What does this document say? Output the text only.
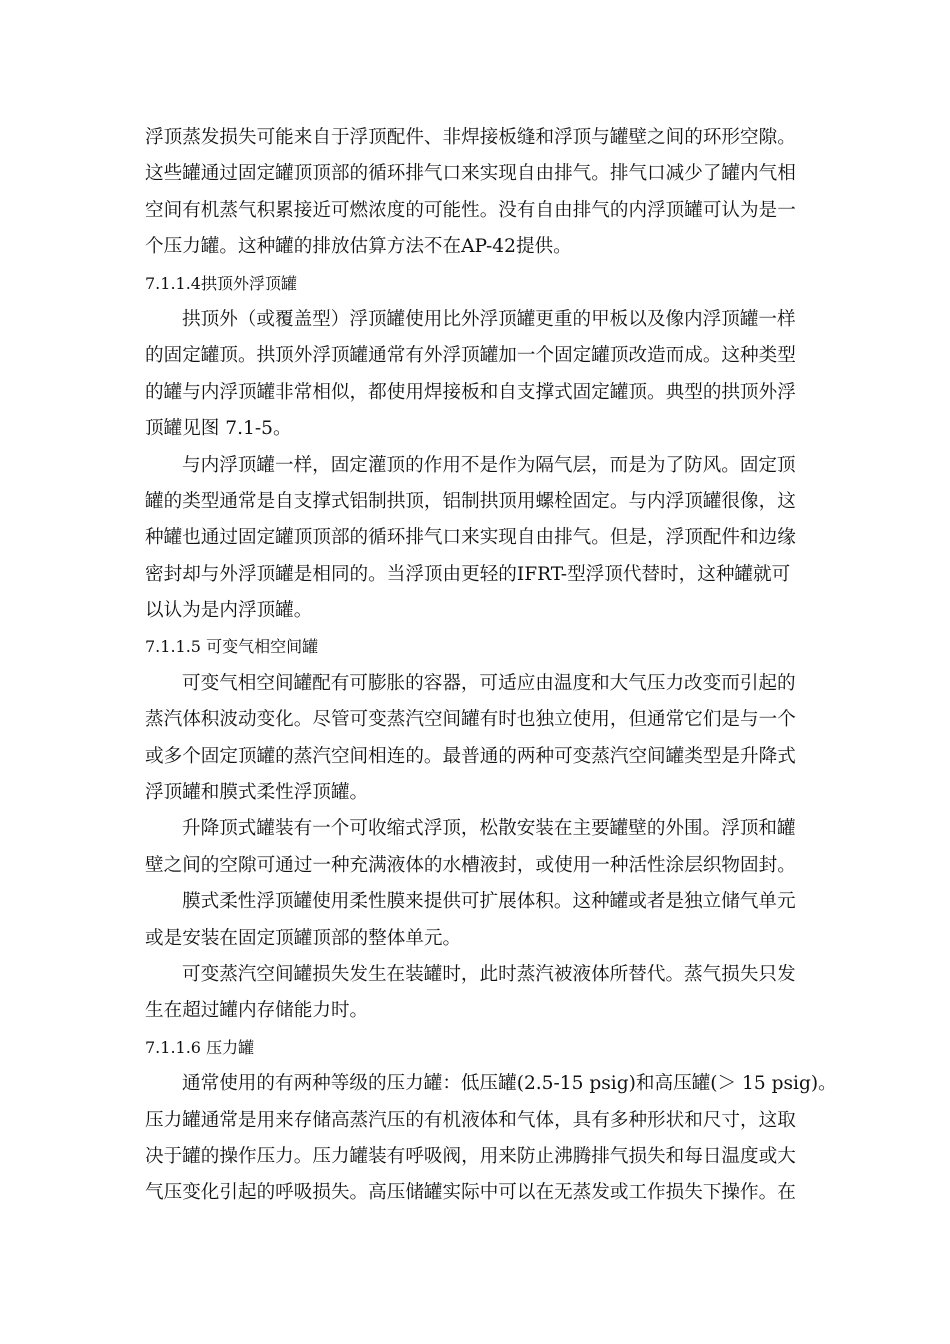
浮顶蒸发损失可能来自于浮顶配件、非焊接板缝和浮顶与罐壁之间的环形空隙。
这些罐通过固定罐顶顶部的循环排气口来实现自由排气。排气口减少了罐内气相
空间有机蒸气积累接近可燃浓度的可能性。没有自由排气的内浮顶罐可认为是一
个压力罐。这种罐的排放估算方法不在AP-42提供。
7.1.1.4拱顶外浮顶罐
拱顶外（或覆盖型）浮顶罐使用比外浮顶罐更重的甲板以及像内浮顶罐一样
的固定罐顶。拱顶外浮顶罐通常有外浮顶罐加一个固定罐顶改造而成。这种类型
的罐与内浮顶罐非常相似，都使用焊接板和自支撑式固定罐顶。典型的拱顶外浮
顶罐见图 7.1-5。
与内浮顶罐一样，固定灌顶的作用不是作为隔气层，而是为了防风。固定顶
罐的类型通常是自支撑式铝制拱顶，铝制拱顶用螺栓固定。与内浮顶罐很像，这
种罐也通过固定罐顶顶部的循环排气口来实现自由排气。但是，浮顶配件和边缘
密封却与外浮顶罐是相同的。当浮顶由更轻的IFRT-型浮顶代替时，这种罐就可
以认为是内浮顶罐。
7.1.1.5 可变气相空间罐
可变气相空间罐配有可膨胀的容器，可适应由温度和大气压力改变而引起的
蒸汽体积波动变化。尽管可变蒸汽空间罐有时也独立使用，但通常它们是与一个
或多个固定顶罐的蒸汽空间相连的。最普通的两种可变蒸汽空间罐类型是升降式
浮顶罐和膜式柔性浮顶罐。
升降顶式罐装有一个可收缩式浮顶，松散安装在主要罐壁的外围。浮顶和罐
壁之间的空隙可通过一种充满液体的水槽液封，或使用一种活性涂层织物固封。
膜式柔性浮顶罐使用柔性膜来提供可扩展体积。这种罐或者是独立储气单元
或是安装在固定顶罐顶部的整体单元。
可变蒸汽空间罐损失发生在装罐时，此时蒸汽被液体所替代。蒸气损失只发
生在超过罐内存储能力时。
7.1.1.6 压力罐
通常使用的有两种等级的压力罐：低压罐(2.5-15 psig)和高压罐(＞ 15 psig)。
压力罐通常是用来存储高蒸汽压的有机液体和气体，具有多种形状和尺寸，这取
决于罐的操作压力。压力罐装有呼吸阀，用来防止沸腾排气损失和每日温度或大
气压变化引起的呼吸损失。高压储罐实际中可以在无蒸发或工作损失下操作。在
